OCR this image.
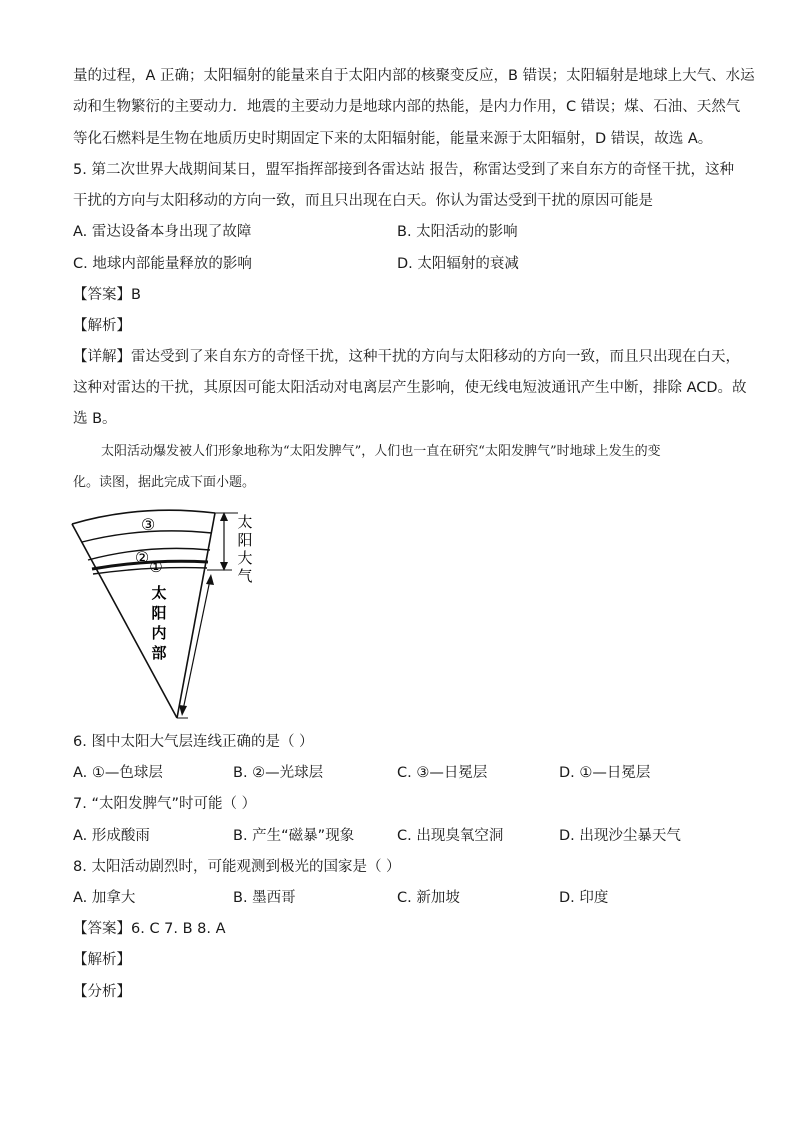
量的过程，A 正确；太阳辐射的能量来自于太阳内部的核聚变反应，B 错误；太阳辐射是地球上大气、水运
动和生物繁衍的主要动力．地震的主要动力是地球内部的热能，是内力作用，C 错误；煤、石油、天然气
等化石燃料是生物在地质历史时期固定下来的太阳辐射能，能量来源于太阳辐射，D 错误，故选 A。
5. 第二次世界大战期间某日，盟军指挥部接到各雷达站 报告，称雷达受到了来自东方的奇怪干扰，这种
干扰的方向与太阳移动的方向一致，而且只出现在白天。你认为雷达受到干扰的原因可能是
A. 雷达设备本身出现了故障	B. 太阳活动的影响
C. 地球内部能量释放的影响	D. 太阳辐射的衰减
【答案】B
【解析】
【详解】雷达受到了来自东方的奇怪干扰，这种干扰的方向与太阳移动的方向一致，而且只出现在白天，
这种对雷达的干扰，其原因可能太阳活动对电离层产生影响，使无线电短波通讯产生中断，排除 ACD。故
选 B。
太阳活动爆发被人们形象地称为“太阳发脾气”，人们也一直在研究“太阳发脾气”时地球上发生的变
化。读图，据此完成下面小题。
③
② ①
太
阳
内
部
太
阳
大
气
6. 图中太阳大气层连线正确的是（ ）
A. ①—色球层	B. ②—光球层	C. ③—日冕层	D. ①—日冕层
7. “太阳发脾气”时可能（ ）
A. 形成酸雨	B. 产生“磁暴”现象	C. 出现臭氧空洞	D. 出现沙尘暴天气
8. 太阳活动剧烈时，可能观测到极光的国家是（ ）
A. 加拿大	B. 墨西哥	C. 新加坡	D. 印度
【答案】6. C 7. B 8. A
【解析】
【分析】
